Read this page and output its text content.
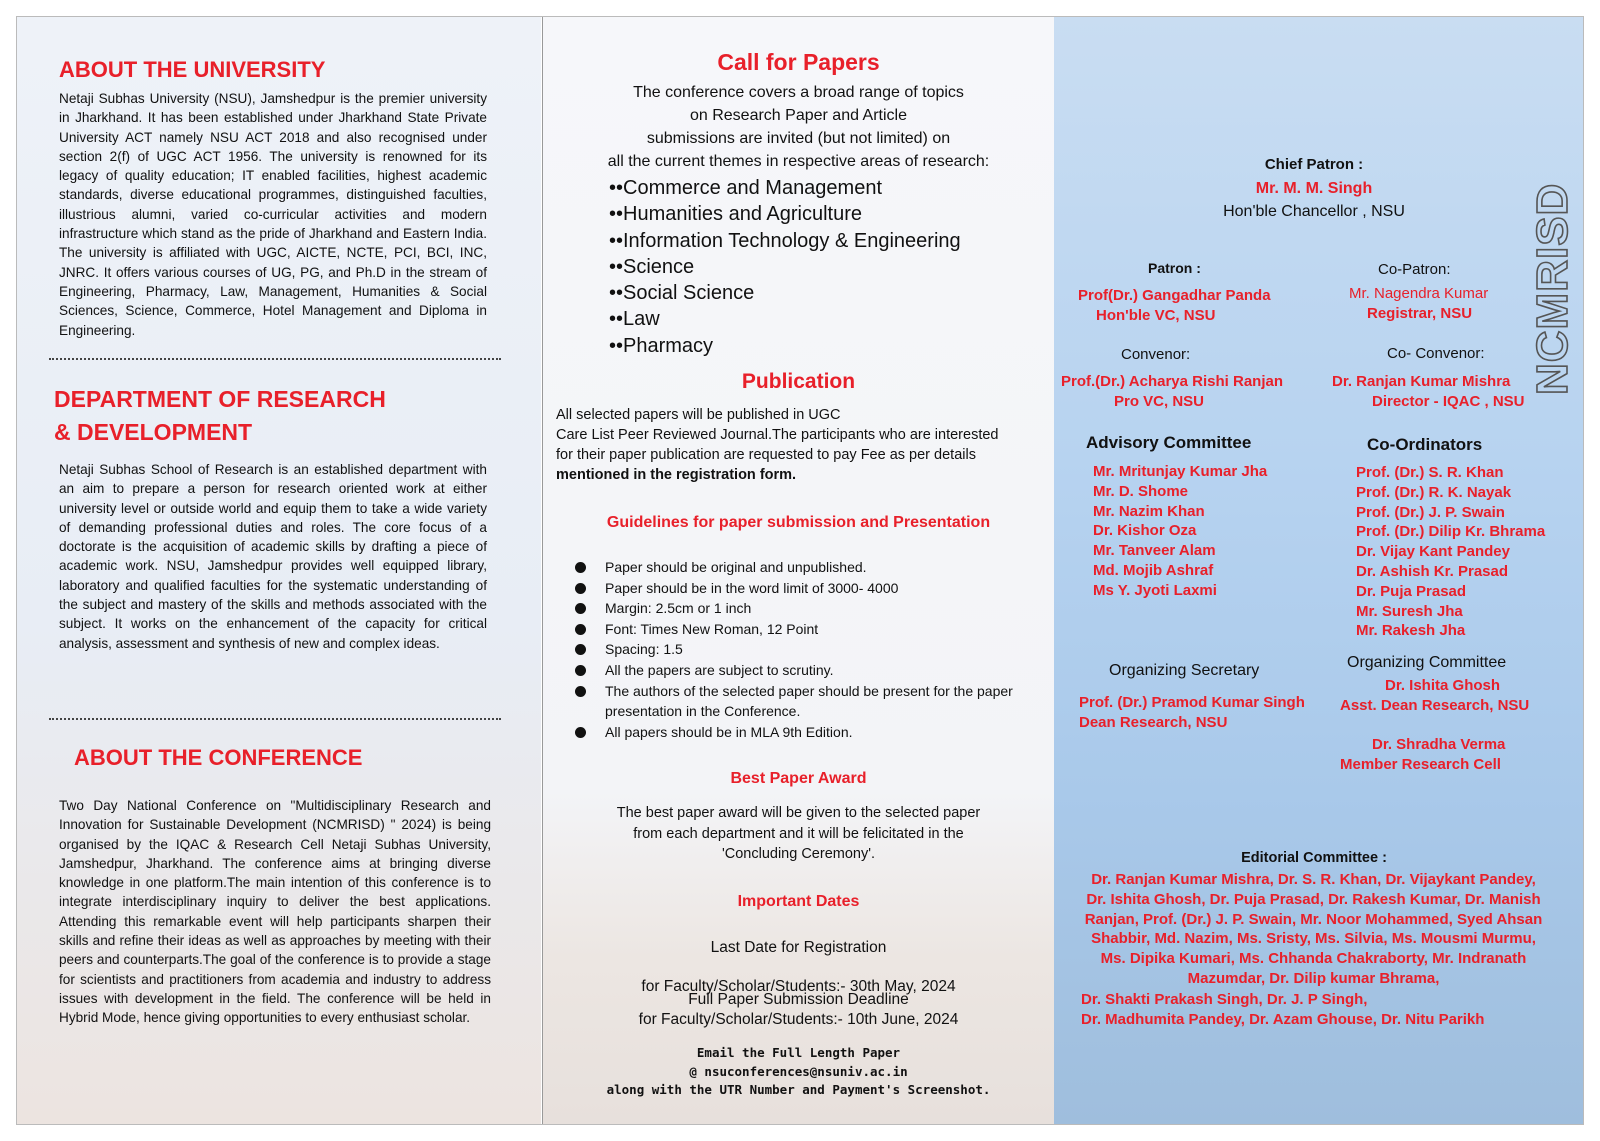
ABOUT THE UNIVERSITY
Netaji Subhas University (NSU), Jamshedpur is the premier university in Jharkhand. It has been established under Jharkhand State Private University ACT namely NSU ACT 2018 and also recognised under section 2(f) of UGC ACT 1956. The university is renowned for its legacy of quality education; IT enabled facilities, highest academic standards, diverse educational programmes, distinguished faculties, illustrious alumni, varied co-curricular activities and modern infrastructure which stand as the pride of Jharkhand and Eastern India. The university is affiliated with UGC, AICTE, NCTE, PCI, BCI, INC, JNRC. It offers various courses of UG, PG, and Ph.D in the stream of Engineering, Pharmacy, Law, Management, Humanities & Social Sciences, Science, Commerce, Hotel Management and Diploma in Engineering.
DEPARTMENT OF RESEARCH
& DEVELOPMENT
Netaji Subhas School of Research is an established department with an aim to prepare a person for research oriented work at either university level or outside world and equip them to take a wide variety of demanding professional duties and roles. The core focus of a doctorate is the acquisition of academic skills by drafting a piece of academic work. NSU, Jamshedpur provides well equipped library, laboratory and qualified faculties for the systematic understanding of the subject and mastery of the skills and methods associated with the subject. It works on the enhancement of the capacity for critical analysis, assessment and synthesis of new and complex ideas.
ABOUT THE CONFERENCE
Two Day National Conference on "Multidisciplinary Research and Innovation for Sustainable Development (NCMRISD) " 2024) is being organised by the IQAC & Research Cell Netaji Subhas University, Jamshedpur, Jharkhand. The conference aims at bringing diverse knowledge in one platform.The main intention of this conference is to integrate interdisciplinary inquiry to deliver the best applications. Attending this remarkable event will help participants sharpen their skills and refine their ideas as well as approaches by meeting with their peers and counterparts.The goal of the conference is to provide a stage for scientists and practitioners from academia and industry to address issues with development in the field. The conference will be held in Hybrid Mode, hence giving opportunities to every enthusiast scholar.
Call for Papers
The conference covers a broad range of topics
on Research Paper and Article
submissions are invited (but not limited) on
all the current themes in respective areas of research:
••Commerce and Management
••Humanities and Agriculture
••Information Technology & Engineering
••Science
••Social Science
••Law
••Pharmacy
Publication
All selected papers will be published in UGC
Care List Peer Reviewed Journal.The participants who are interested
for their paper publication are requested to pay Fee as per details
mentioned in the registration form.
Guidelines for paper submission and Presentation
Paper should be original and unpublished.
Paper should be in the word limit of 3000- 4000
Margin: 2.5cm or 1 inch
Font: Times New Roman, 12 Point
Spacing: 1.5
All the papers are subject to scrutiny.
The authors of the selected paper should be present for the paper presentation in the Conference.
All papers should be in MLA 9th Edition.
Best Paper Award
The best paper award will be given to the selected paper
from each department and it will be felicitated in the
'Concluding Ceremony'.
Important Dates
Last Date for Registration
for Faculty/Scholar/Students:- 30th May, 2024
Full Paper Submission Deadline
for Faculty/Scholar/Students:- 10th June, 2024
Email the Full Length Paper
@ nsuconferences@nsuniv.ac.in
along with the UTR Number and Payment's Screenshot.
NCMRISD
Chief Patron :
Mr. M. M. Singh
Hon'ble Chancellor , NSU
Patron :
Prof(Dr.) Gangadhar Panda
Hon'ble VC, NSU
Co-Patron:
Mr. Nagendra Kumar
Registrar, NSU
Convenor:
Prof.(Dr.) Acharya Rishi Ranjan
Pro VC, NSU
Co- Convenor:
Dr. Ranjan Kumar Mishra
Director - IQAC , NSU
Advisory Committee
Mr. Mritunjay Kumar Jha
Mr. D. Shome
Mr. Nazim Khan
Dr. Kishor Oza
Mr. Tanveer Alam
Md. Mojib Ashraf
Ms Y. Jyoti Laxmi
Co-Ordinators
Prof. (Dr.) S. R. Khan
Prof. (Dr.) R. K. Nayak
Prof. (Dr.) J. P. Swain
Prof. (Dr.) Dilip Kr. Bhrama
Dr. Vijay Kant Pandey
Dr. Ashish Kr. Prasad
Dr. Puja Prasad
Mr. Suresh Jha
Mr. Rakesh Jha
Organizing Secretary
Prof. (Dr.) Pramod Kumar Singh
Dean Research, NSU
Organizing Committee
Dr. Ishita Ghosh
Asst. Dean Research, NSU
Dr. Shradha Verma
Member Research Cell
Editorial Committee :
Dr. Ranjan Kumar Mishra, Dr. S. R. Khan, Dr. Vijaykant Pandey,
Dr. Ishita Ghosh, Dr. Puja Prasad, Dr. Rakesh Kumar, Dr. Manish
Ranjan, Prof. (Dr.) J. P. Swain, Mr. Noor Mohammed, Syed Ahsan
Shabbir, Md. Nazim, Ms. Sristy, Ms. Silvia, Ms. Mousmi Murmu,
Ms. Dipika Kumari, Ms. Chhanda Chakraborty, Mr. Indranath
Mazumdar, Dr. Dilip kumar Bhrama,
Dr. Shakti Prakash Singh, Dr. J. P Singh,
Dr. Madhumita Pandey, Dr. Azam Ghouse, Dr. Nitu Parikh
